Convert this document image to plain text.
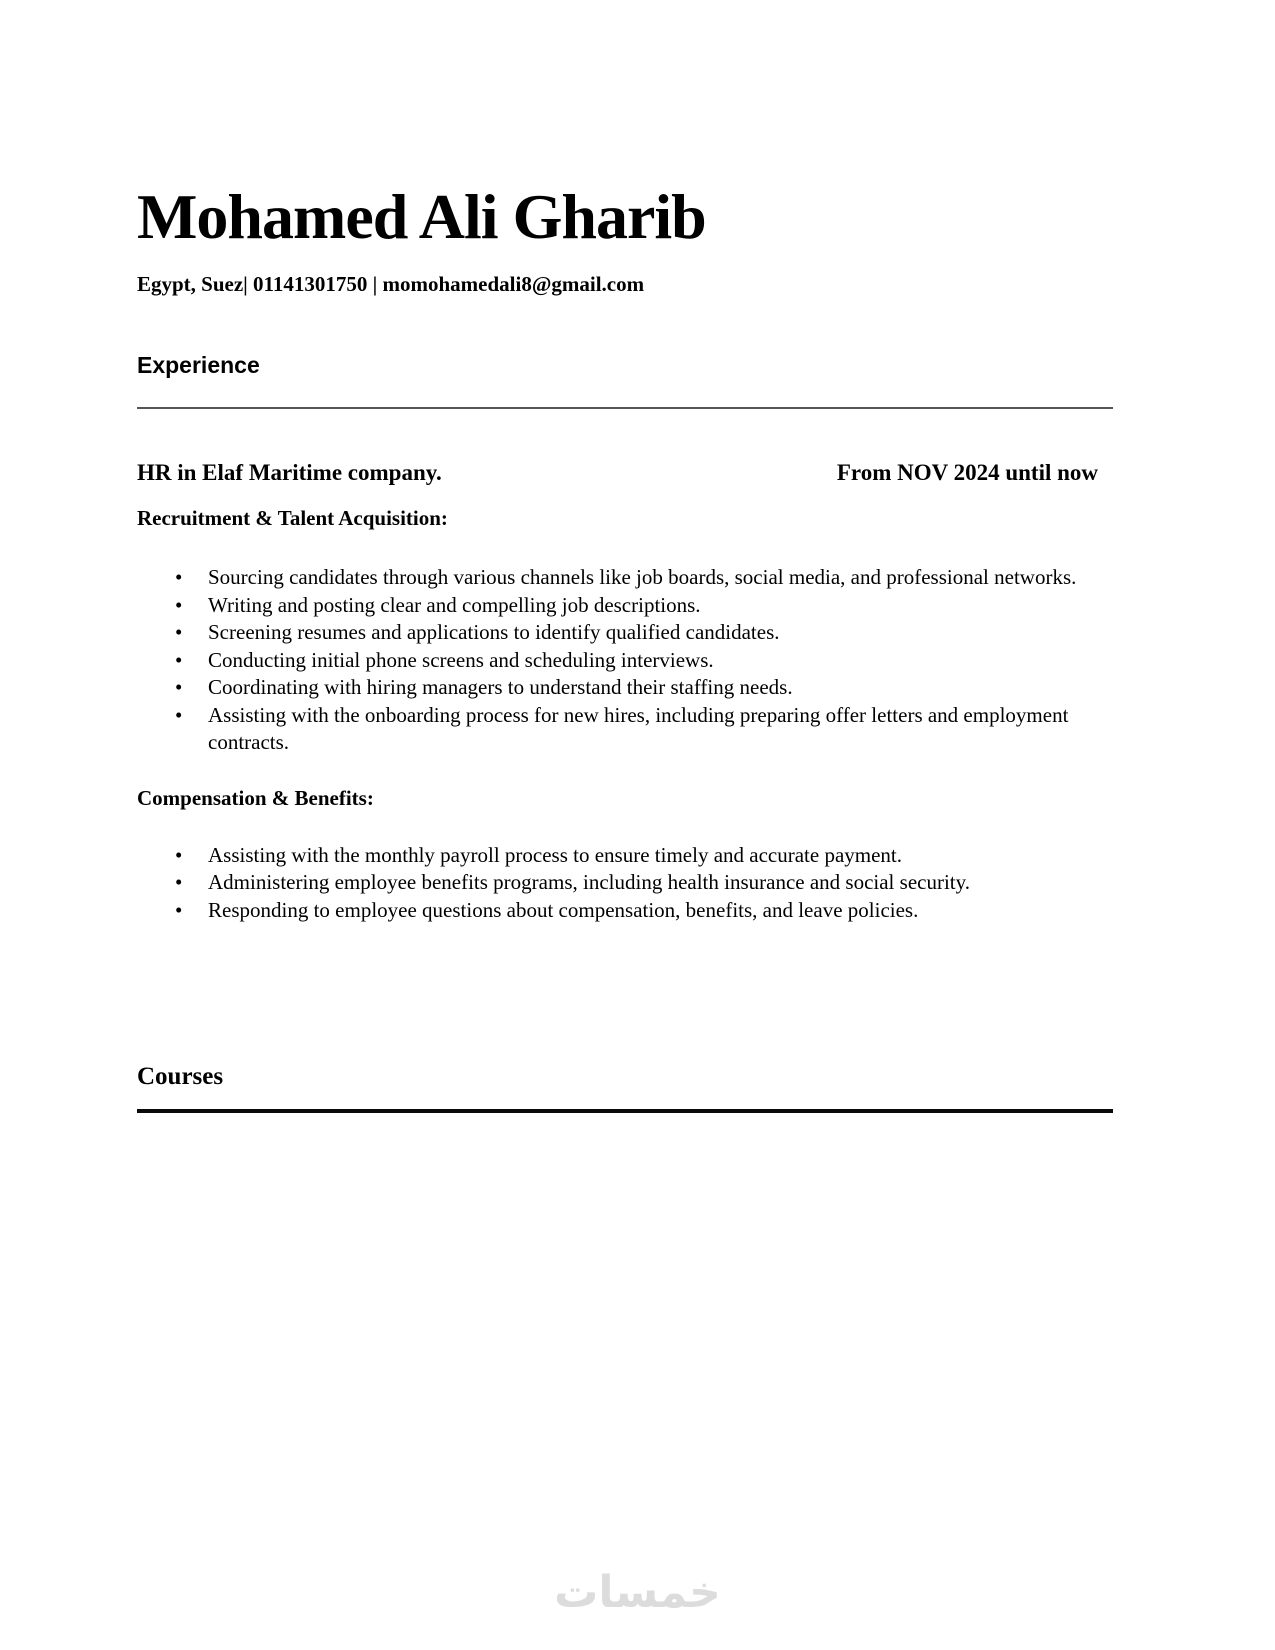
Mohamed Ali Gharib
Egypt, Suez| 01141301750 | momohamedali8@gmail.com
Experience
HR in Elaf Maritime company.	From NOV 2024 until now
Recruitment & Talent Acquisition:
• Sourcing candidates through various channels like job boards, social media, and professional networks.
• Writing and posting clear and compelling job descriptions.
• Screening resumes and applications to identify qualified candidates.
• Conducting initial phone screens and scheduling interviews.
• Coordinating with hiring managers to understand their staffing needs.
• Assisting with the onboarding process for new hires, including preparing offer letters and employment contracts.
Compensation & Benefits:
• Assisting with the monthly payroll process to ensure timely and accurate payment.
• Administering employee benefits programs, including health insurance and social security.
• Responding to employee questions about compensation, benefits, and leave policies.
Courses
خمسات
